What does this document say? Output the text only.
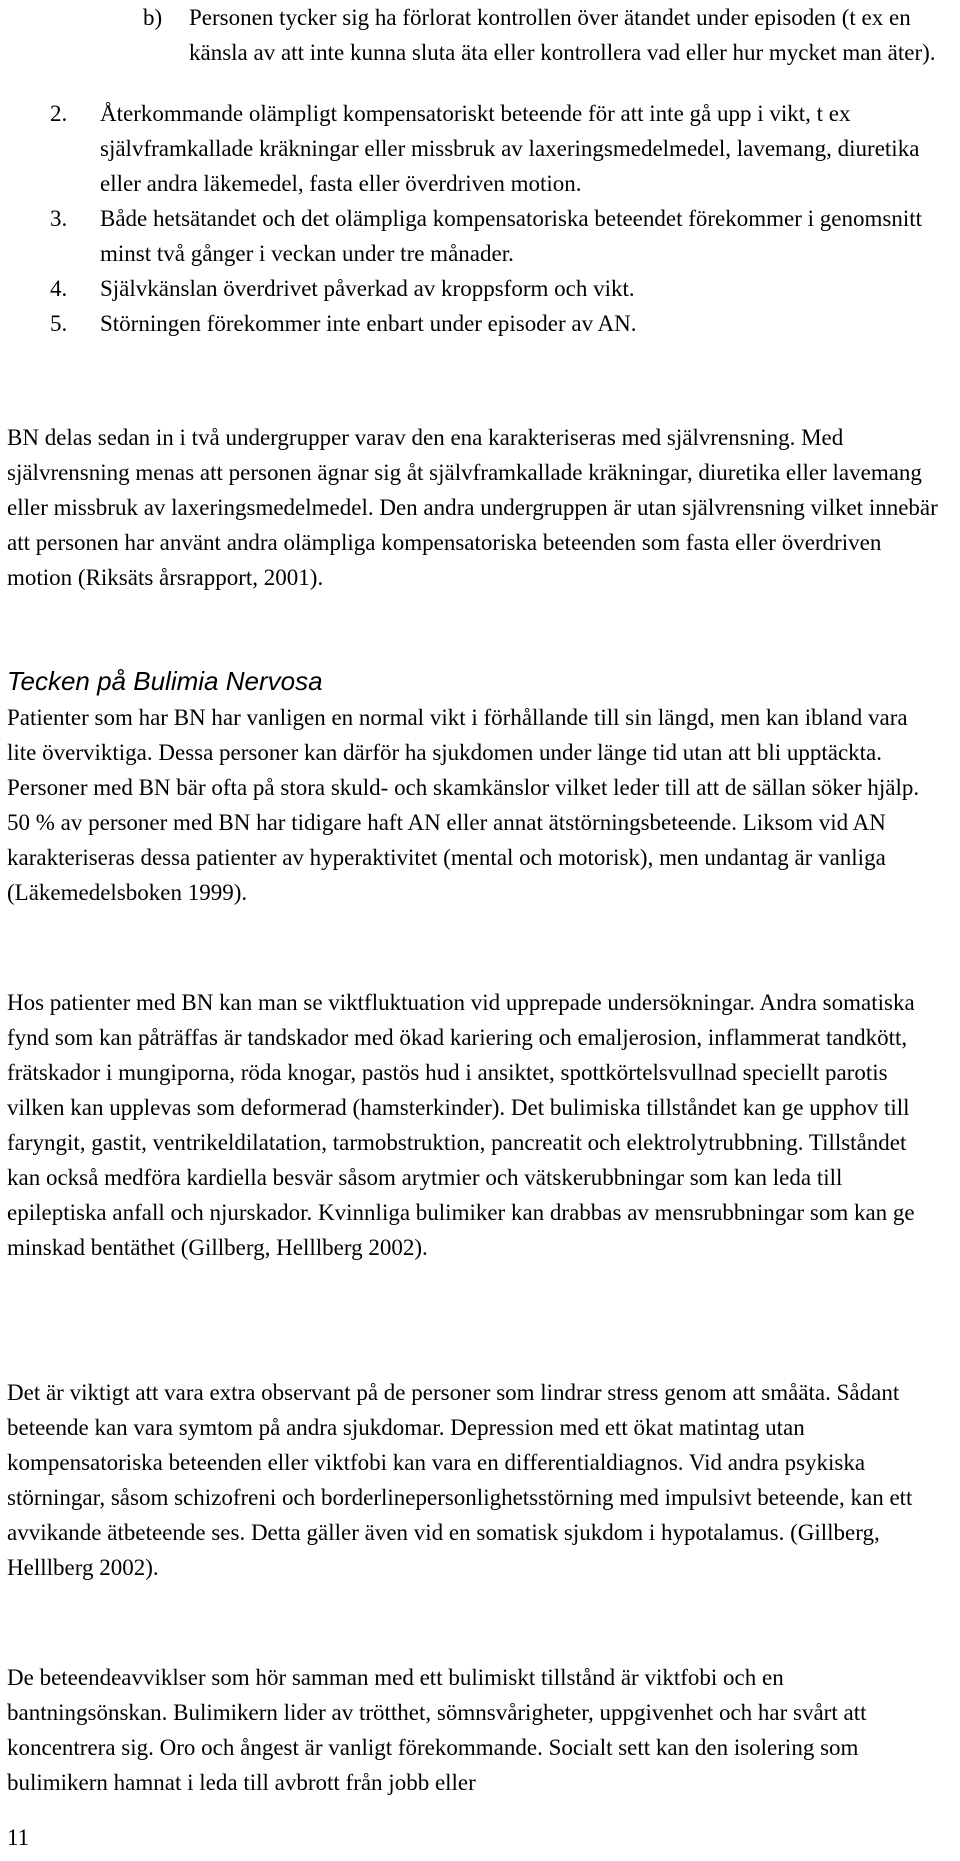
b) Personen tycker sig ha förlorat kontrollen över ätandet under episoden (t ex en känsla av att inte kunna sluta äta eller kontrollera vad eller hur mycket man äter).
2. Återkommande olämpligt kompensatoriskt beteende för att inte gå upp i vikt, t ex självframkallade kräkningar eller missbruk av laxeringsmedelmedel, lavemang, diuretika eller andra läkemedel, fasta eller överdriven motion.
3. Både hetsätandet och det olämpliga kompensatoriska beteendet förekommer i genomsnitt minst två gånger i veckan under tre månader.
4. Självkänslan överdrivet påverkad av kroppsform och vikt.
5. Störningen förekommer inte enbart under episoder av AN.

BN delas sedan in i två undergrupper varav den ena karakteriseras med självrensning. Med självrensning menas att personen ägnar sig åt självframkallade kräkningar, diuretika eller lavemang eller missbruk av laxeringsmedelmedel. Den andra undergruppen är utan självrensning vilket innebär att personen har använt andra olämpliga kompensatoriska beteenden som fasta eller överdriven motion (Riksäts årsrapport, 2001).

Tecken på Bulimia Nervosa

Patienter som har BN har vanligen en normal vikt i förhållande till sin längd, men kan ibland vara lite överviktiga. Dessa personer kan därför ha sjukdomen under länge tid utan att bli upptäckta. Personer med BN bär ofta på stora skuld- och skamkänslor vilket leder till att de sällan söker hjälp. 50 % av personer med BN har tidigare haft AN eller annat ätstörningsbeteende. Liksom vid AN karakteriseras dessa patienter av hyperaktivitet (mental och motorisk), men undantag är vanliga (Läkemedelsboken 1999).

Hos patienter med BN kan man se viktfluktuation vid upprepade undersökningar. Andra somatiska fynd som kan påträffas är tandskador med ökad kariering och emaljerosion, inflammerat tandkött, frätskador i mungiporna, röda knogar, pastös hud i ansiktet, spottkörtelsvullnad speciellt parotis vilken kan upplevas som deformerad (hamsterkinder). Det bulimiska tillståndet kan ge upphov till faryngit, gastit, ventrikeldilatation, tarmobstruktion, pancreatit och elektrolytrubbning. Tillståndet kan också medföra kardiella besvär såsom arytmier och vätskerubbningar som kan leda till epileptiska anfall och njurskador. Kvinnliga bulimiker kan drabbas av mensrubbningar som kan ge minskad bentäthet (Gillberg, Helllberg 2002).

Det är viktigt att vara extra observant på de personer som lindrar stress genom att småäta. Sådant beteende kan vara symtom på andra sjukdomar. Depression med ett ökat matintag utan kompensatoriska beteenden eller viktfobi kan vara en differentialdiagnos. Vid andra psykiska störningar, såsom schizofreni och borderlinepersonlighetsstörning med impulsivt beteende, kan ett avvikande ätbeteende ses. Detta gäller även vid en somatisk sjukdom i hypotalamus. (Gillberg, Helllberg 2002).

De beteendeavviklser som hör samman med ett bulimiskt tillstånd är viktfobi och en bantningsönskan. Bulimikern lider av trötthet, sömnsvårigheter, uppgivenhet och har svårt att koncentrera sig. Oro och ångest är vanligt förekommande. Socialt sett kan den isolering som bulimikern hamnat i leda till avbrott från jobb eller

11
